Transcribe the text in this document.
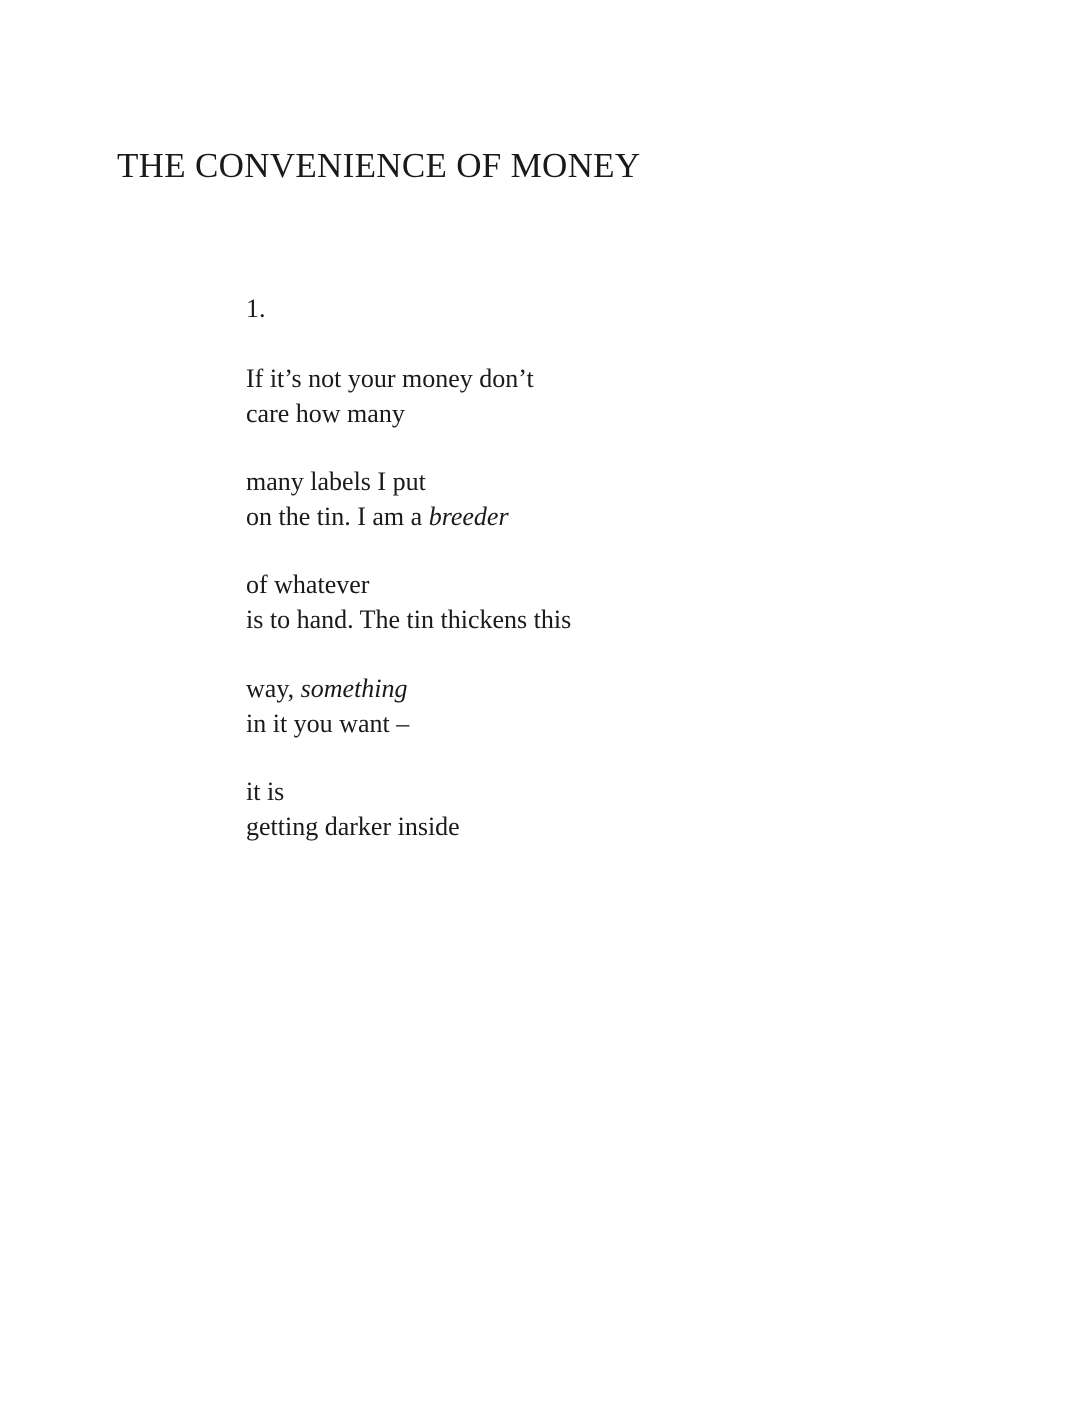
THE CONVENIENCE OF MONEY
1.
If it’s not your money don’t
care how many
many labels I put
on the tin. I am a breeder
of whatever
is to hand. The tin thickens this
way, something
in it you want –
it is
getting darker inside
